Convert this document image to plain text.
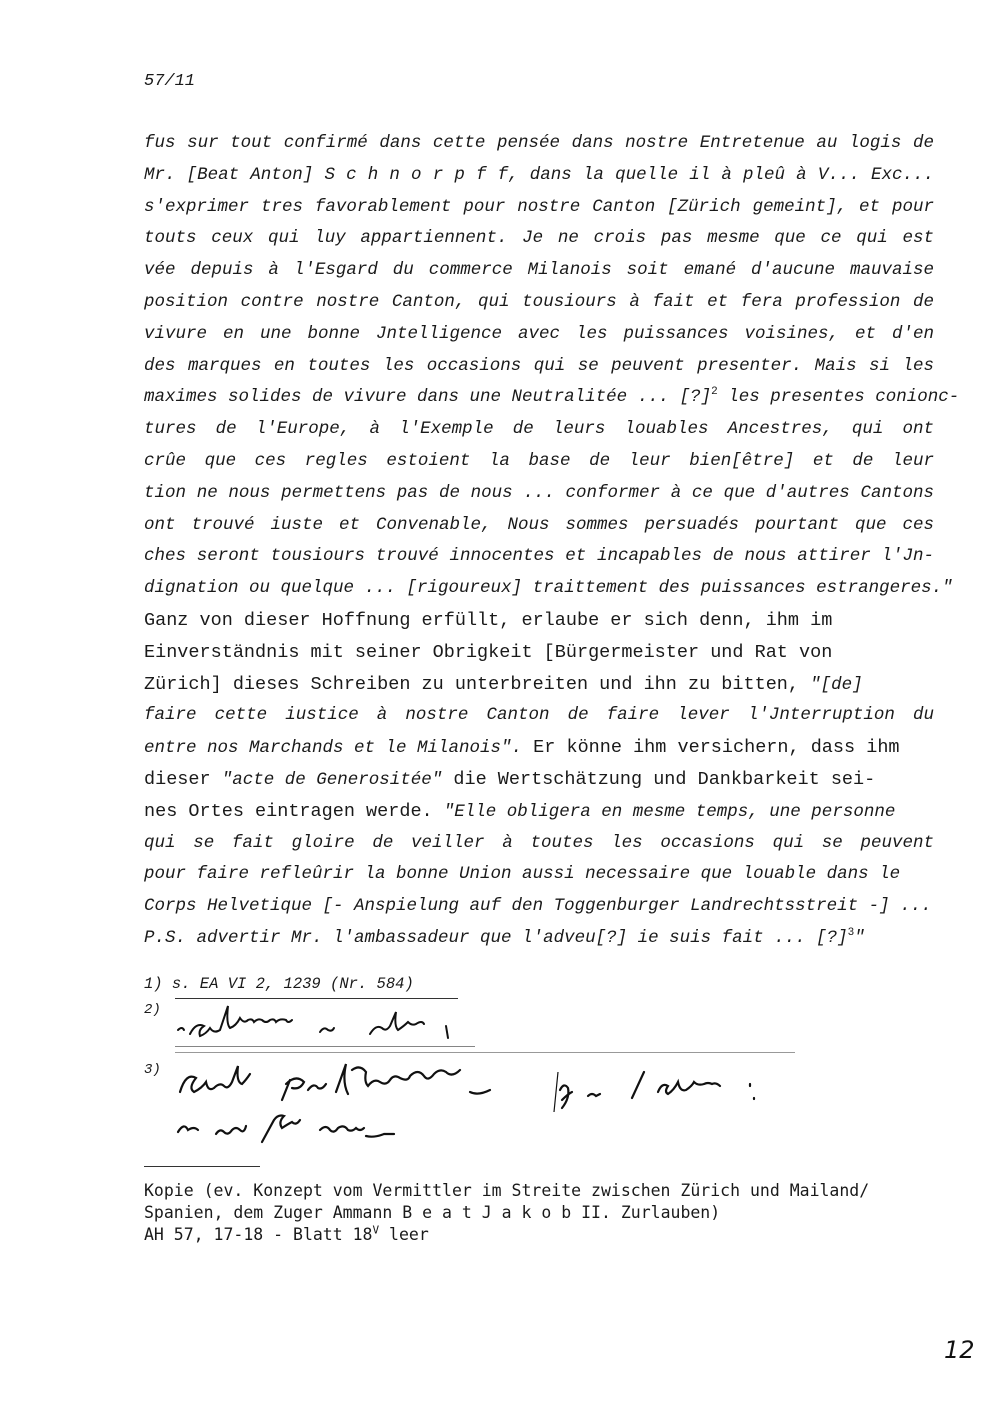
57/11
fus sur tout confirmé dans cette pensée dans nostre Entretenue au logis de
Mr. [Beat Anton] S c h n o r p f f, dans la quelle il à pleû à V... Exc...
s'exprimer tres favorablement pour nostre Canton [Zürich gemeint], et pour
touts ceux qui luy appartiennent. Je ne crois pas mesme que ce qui est
vée depuis à l'Esgard du commerce Milanois soit emané d'aucune mauvaise
position contre nostre Canton, qui tousiours à fait et fera profession de
vivure en une bonne Jntelligence avec les puissances voisines, et d'en
des marques en toutes les occasions qui se peuvent presenter. Mais si les
maximes solides de vivure dans une Neutralitée ... [?]$^2$ les presentes conionc-
tures de l'Europe, à l'Exemple de leurs louables Ancestres, qui ont
crûe que ces regles estoient la base de leur bien[être] et de leur
tion ne nous permettens pas de nous ... conformer à ce que d'autres Cantons
ont trouvé iuste et Convenable, Nous sommes persuadés pourtant que ces
ches seront tousiours trouvé innocentes et incapables de nous attirer l'Jn-
dignation ou quelque ... [rigoureux] traittement des puissances estrangeres."
Ganz von dieser Hoffnung erfüllt, erlaube er sich denn, ihm im
Einverständnis mit seiner Obrigkeit [Bürgermeister und Rat von
Zürich] dieses Schreiben zu unterbreiten und ihn zu bitten, "[de]
faire cette iustice à nostre Canton de faire lever l'Jnterruption du
entre nos Marchands et le Milanois". Er könne ihm versichern, dass ihm
dieser "acte de Generositée" die Wertschätzung und Dankbarkeit sei-
nes Ortes eintragen werde. "Elle obligera en mesme temps, une personne
qui se fait gloire de veiller à toutes les occasions qui se peuvent
pour faire refleûrir la bonne Union aussi necessaire que louable dans le
Corps Helvetique [- Anspielung auf den Toggenburger Landrechtsstreit -] ...
P.S. advertir Mr. l'ambassadeur que l'adveu[?] ie suis fait ... [?]$^3$"
1) s. EA VI 2, 1239 (Nr. 584)
2)
3)
Kopie (ev. Konzept vom Vermittler im Streite zwischen Zürich und Mailand/
Spanien, dem Zuger Ammann B e a t J a k o b II. Zurlauben)
AH 57, 17-18 - Blatt $18^V$ leer
12
